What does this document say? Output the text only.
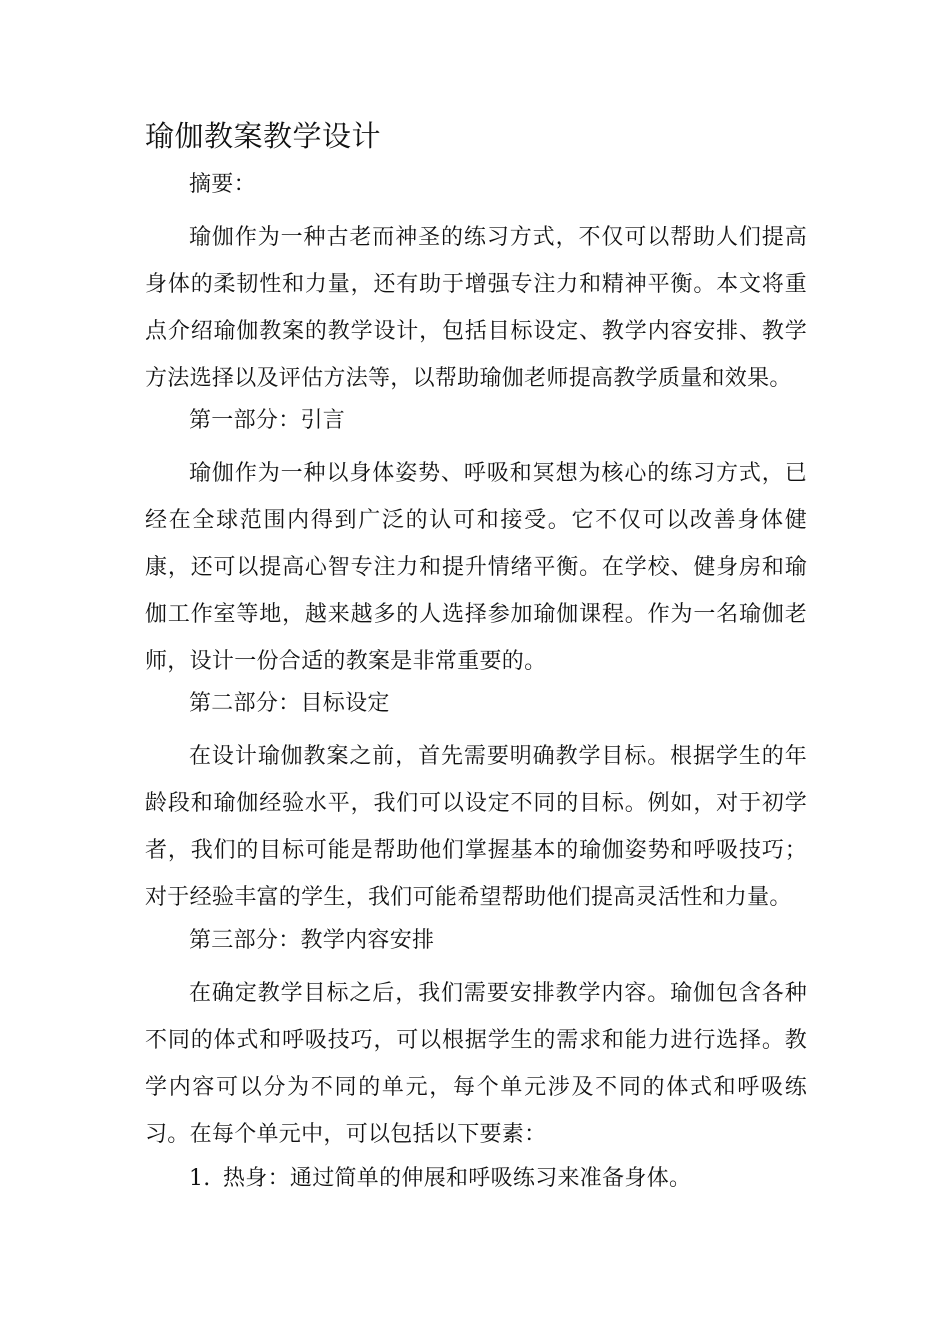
瑜伽教案教学设计

摘要：

瑜伽作为一种古老而神圣的练习方式，不仅可以帮助人们提高身体的柔韧性和力量，还有助于增强专注力和精神平衡。本文将重点介绍瑜伽教案的教学设计，包括目标设定、教学内容安排、教学方法选择以及评估方法等，以帮助瑜伽老师提高教学质量和效果。

第一部分：引言

瑜伽作为一种以身体姿势、呼吸和冥想为核心的练习方式，已经在全球范围内得到广泛的认可和接受。它不仅可以改善身体健康，还可以提高心智专注力和提升情绪平衡。在学校、健身房和瑜伽工作室等地，越来越多的人选择参加瑜伽课程。作为一名瑜伽老师，设计一份合适的教案是非常重要的。

第二部分：目标设定

在设计瑜伽教案之前，首先需要明确教学目标。根据学生的年龄段和瑜伽经验水平，我们可以设定不同的目标。例如，对于初学者，我们的目标可能是帮助他们掌握基本的瑜伽姿势和呼吸技巧；对于经验丰富的学生，我们可能希望帮助他们提高灵活性和力量。

第三部分：教学内容安排

在确定教学目标之后，我们需要安排教学内容。瑜伽包含各种不同的体式和呼吸技巧，可以根据学生的需求和能力进行选择。教学内容可以分为不同的单元，每个单元涉及不同的体式和呼吸练习。在每个单元中，可以包括以下要素：

1. 热身：通过简单的伸展和呼吸练习来准备身体。
